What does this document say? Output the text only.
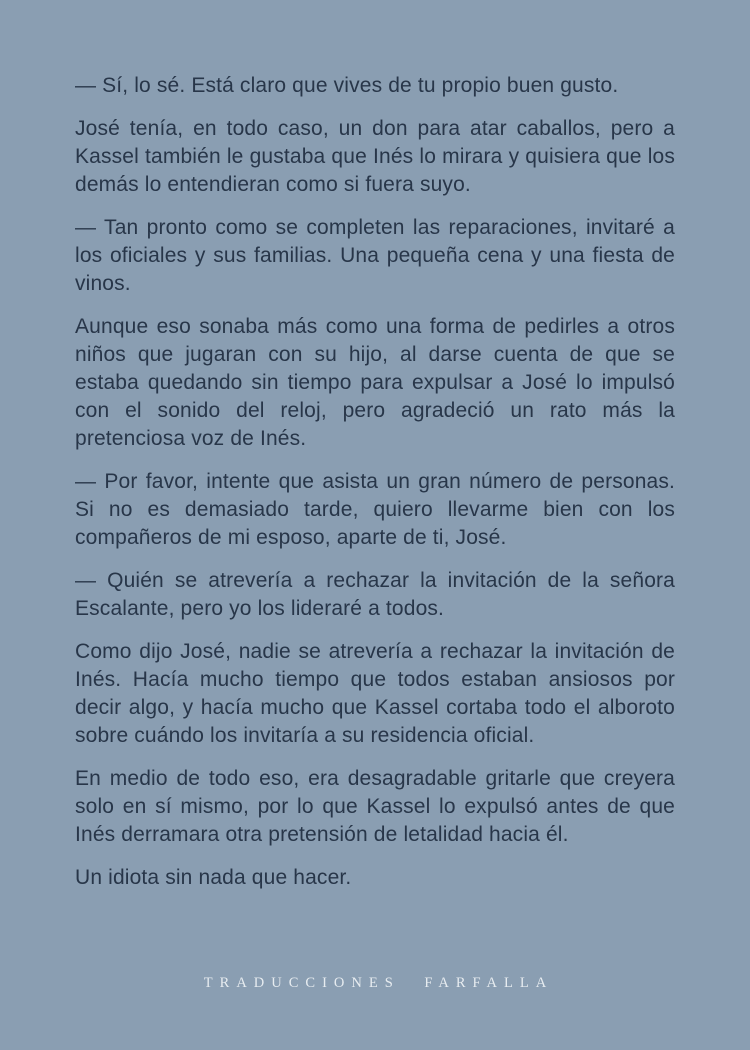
— Sí, lo sé. Está claro que vives de tu propio buen gusto.

José tenía, en todo caso, un don para atar caballos, pero a Kassel también le gustaba que Inés lo mirara y quisiera que los demás lo entendieran como si fuera suyo.

— Tan pronto como se completen las reparaciones, invitaré a los oficiales y sus familias. Una pequeña cena y una fiesta de vinos.

Aunque eso sonaba más como una forma de pedirles a otros niños que jugaran con su hijo, al darse cuenta de que se estaba quedando sin tiempo para expulsar a José lo impulsó con el sonido del reloj, pero agradeció un rato más la pretenciosa voz de Inés.

— Por favor, intente que asista un gran número de personas. Si no es demasiado tarde, quiero llevarme bien con los compañeros de mi esposo, aparte de ti, José.

— Quién se atrevería a rechazar la invitación de la señora Escalante, pero yo los lideraré a todos.

Como dijo José, nadie se atrevería a rechazar la invitación de Inés. Hacía mucho tiempo que todos estaban ansiosos por decir algo, y hacía mucho que Kassel cortaba todo el alboroto sobre cuándo los invitaría a su residencia oficial.

En medio de todo eso, era desagradable gritarle que creyera solo en sí mismo, por lo que Kassel lo expulsó antes de que Inés derramara otra pretensión de letalidad hacia él.

Un idiota sin nada que hacer.

TRADUCCIONES FARFALLA
